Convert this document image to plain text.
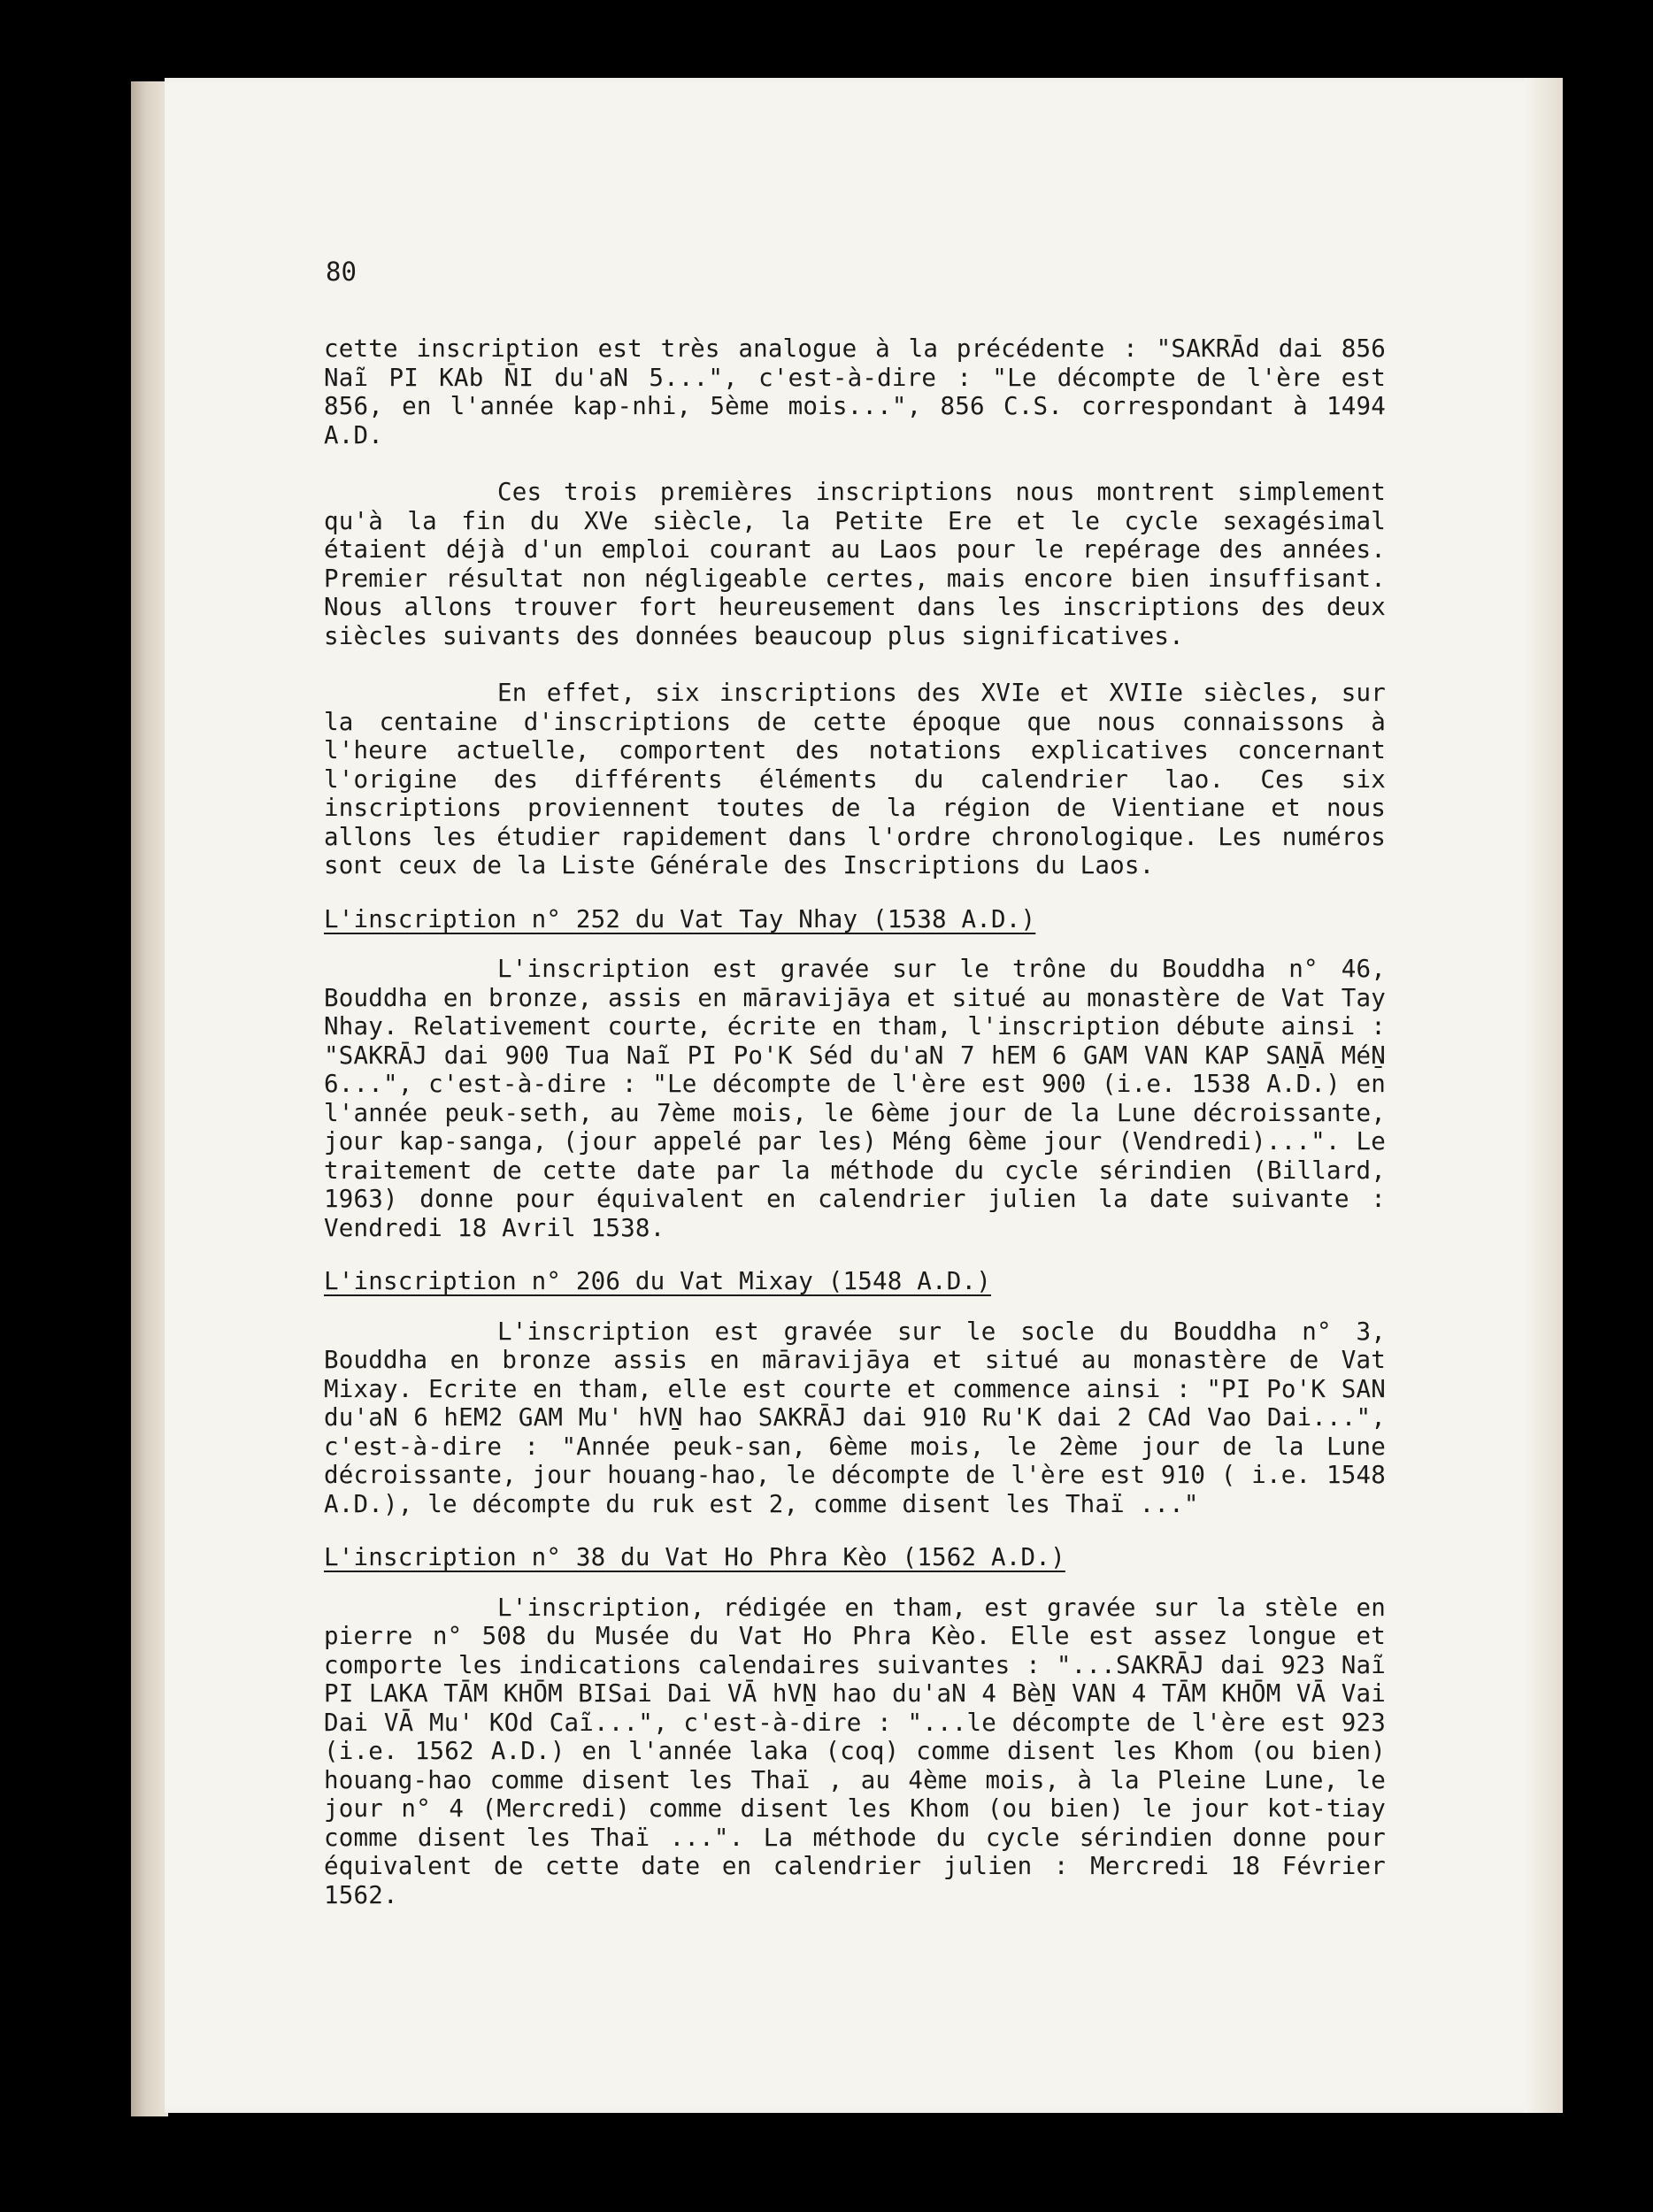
80

cette inscription est très analogue à la précédente : "SAKRĀd dai 856 Naĩ PI KAb N̄I du'aN 5...", c'est-à-dire : "Le décompte de l'ère est 856, en l'année kap-nhi, 5ème mois...", 856 C.S. correspondant à 1494 A.D.

Ces trois premières inscriptions nous montrent simplement qu'à la fin du XVe siècle, la Petite Ere et le cycle sexagésimal étaient déjà d'un emploi courant au Laos pour le repérage des années. Premier résultat non négligeable certes, mais encore bien insuffisant. Nous allons trouver fort heureusement dans les inscriptions des deux siècles suivants des données beaucoup plus significatives.

En effet, six inscriptions des XVIe et XVIIe siècles, sur la centaine d'inscriptions de cette époque que nous connaissons à l'heure actuelle, comportent des notations explicatives concernant l'origine des différents éléments du calendrier lao. Ces six inscriptions proviennent toutes de la région de Vientiane et nous allons les étudier rapidement dans l'ordre chronologique. Les numéros sont ceux de la Liste Générale des Inscriptions du Laos.

L'inscription n° 252 du Vat Tay Nhay (1538 A.D.)

L'inscription est gravée sur le trône du Bouddha n° 46, Bouddha en bronze, assis en māravijāya et situé au monastère de Vat Tay Nhay. Relativement courte, écrite en tham, l'inscription débute ainsi : "SAKRĀJ dai 900 Tua Naĩ PI Po'K Séd du'aN 7 hEM 6 GAM VAN KAP SAṈĀ MéṈ 6...", c'est-à-dire : "Le décompte de l'ère est 900 (i.e. 1538 A.D.) en l'année peuk-seth, au 7ème mois, le 6ème jour de la Lune décroissante, jour kap-sanga, (jour appelé par les) Méng 6ème jour (Vendredi)...". Le traitement de cette date par la méthode du cycle sérindien (Billard, 1963) donne pour équivalent en calendrier julien la date suivante : Vendredi 18 Avril 1538.

L'inscription n° 206 du Vat Mixay (1548 A.D.)

L'inscription est gravée sur le socle du Bouddha n° 3, Bouddha en bronze assis en māravijāya et situé au monastère de Vat Mixay. Ecrite en tham, elle est courte et commence ainsi : "PI Po'K SAN du'aN 6 hEM2 GAM Mu' hVṈ hao SAKRĀJ dai 910 Ru'K dai 2 CAd Vao Dai...", c'est-à-dire : "Année peuk-san, 6ème mois, le 2ème jour de la Lune décroissante, jour houang-hao, le décompte de l'ère est 910 ( i.e. 1548 A.D.), le décompte du ruk est 2, comme disent les Thaï ..."

L'inscription n° 38 du Vat Ho Phra Kèo (1562 A.D.)

L'inscription, rédigée en tham, est gravée sur la stèle en pierre n° 508 du Musée du Vat Ho Phra Kèo. Elle est assez longue et comporte les indications calendaires suivantes : "...SAKRĀJ dai 923 Naĩ PI LAKA TĀM KHŌM BISai Dai VĀ hVṈ hao du'aN 4 BèṈ VAN 4 TĀM KHŌM VĀ Vai Dai VĀ Mu' KOd Caĩ...", c'est-à-dire : "...le décompte de l'ère est 923 (i.e. 1562 A.D.) en l'année laka (coq) comme disent les Khom (ou bien) houang-hao comme disent les Thaï , au 4ème mois, à la Pleine Lune, le jour n° 4 (Mercredi) comme disent les Khom (ou bien) le jour kot-tiay comme disent les Thaï ...". La méthode du cycle sérindien donne pour équivalent de cette date en calendrier julien : Mercredi 18 Février 1562.
